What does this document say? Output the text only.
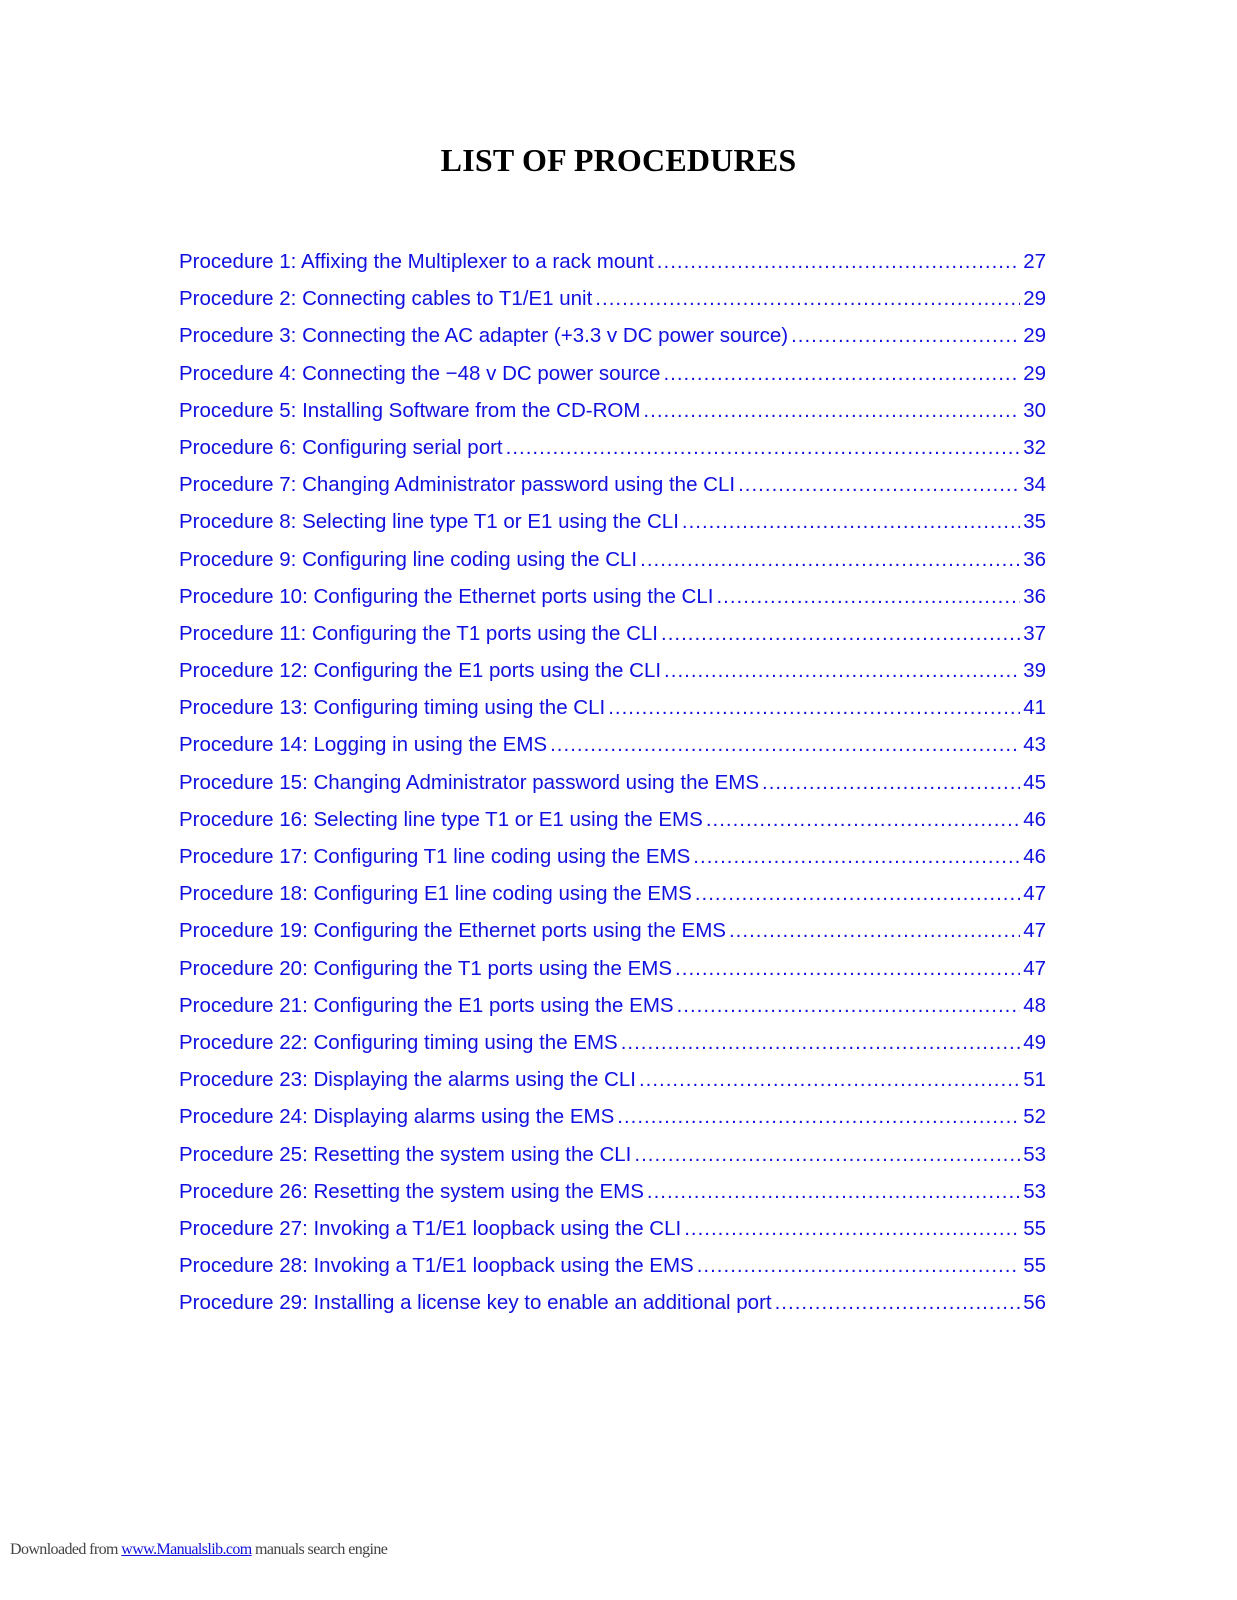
LIST OF PROCEDURES
Procedure 1: Affixing the Multiplexer to a rack mount .....	27
Procedure 2: Connecting cables to T1/E1 unit .....	29
Procedure 3: Connecting the AC adapter (+3.3 v DC power source) .....	29
Procedure 4: Connecting the −48 v DC power source .....	29
Procedure 5: Installing Software from the CD-ROM .....	30
Procedure 6: Configuring serial port .....	32
Procedure 7: Changing Administrator password using the CLI .....	34
Procedure 8: Selecting line type T1 or E1 using the CLI .....	35
Procedure 9: Configuring line coding using the CLI .....	36
Procedure 10: Configuring the Ethernet ports using the CLI .....	36
Procedure 11: Configuring the T1 ports using the CLI .....	37
Procedure 12: Configuring the E1 ports using the CLI .....	39
Procedure 13: Configuring timing using the CLI .....	41
Procedure 14: Logging in using the EMS .....	43
Procedure 15: Changing Administrator password using the EMS .....	45
Procedure 16: Selecting line type T1 or E1 using the EMS .....	46
Procedure 17: Configuring T1 line coding using the EMS .....	46
Procedure 18: Configuring E1 line coding using the EMS .....	47
Procedure 19: Configuring the Ethernet ports using the EMS .....	47
Procedure 20: Configuring the T1 ports using the EMS .....	47
Procedure 21: Configuring the E1 ports using the EMS .....	48
Procedure 22: Configuring timing using the EMS .....	49
Procedure 23: Displaying the alarms using the CLI .....	51
Procedure 24: Displaying alarms using the EMS .....	52
Procedure 25: Resetting the system using the CLI .....	53
Procedure 26: Resetting the system using the EMS .....	53
Procedure 27: Invoking a T1/E1 loopback using the CLI .....	55
Procedure 28: Invoking a T1/E1 loopback using the EMS .....	55
Procedure 29: Installing a license key to enable an additional port .....	56
Downloaded from www.Manualslib.com manuals search engine
